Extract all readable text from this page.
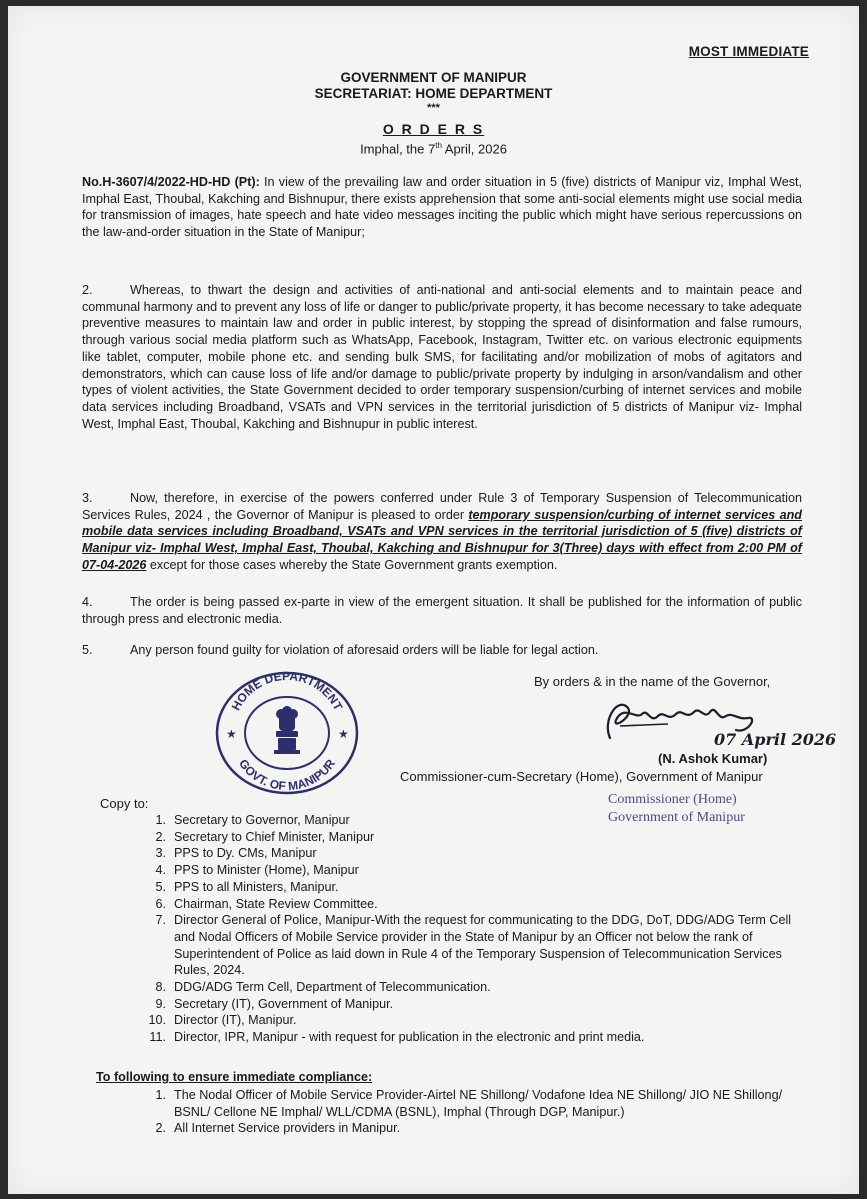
MOST IMMEDIATE
GOVERNMENT OF MANIPUR
SECRETARIAT: HOME DEPARTMENT
***
O R D E R S
Imphal, the 7th April, 2026
No.H-3607/4/2022-HD-HD (Pt): In view of the prevailing law and order situation in 5 (five) districts of Manipur viz, Imphal West, Imphal East, Thoubal, Kakching and Bishnupur, there exists apprehension that some anti-social elements might use social media for transmission of images, hate speech and hate video messages inciting the public which might have serious repercussions on the law-and-order situation in the State of Manipur;
2.	Whereas, to thwart the design and activities of anti-national and anti-social elements and to maintain peace and communal harmony and to prevent any loss of life or danger to public/private property, it has become necessary to take adequate preventive measures to maintain law and order in public interest, by stopping the spread of disinformation and false rumours, through various social media platform such as WhatsApp, Facebook, Instagram, Twitter etc. on various electronic equipments like tablet, computer, mobile phone etc. and sending bulk SMS, for facilitating and/or mobilization of mobs of agitators and demonstrators, which can cause loss of life and/or damage to public/private property by indulging in arson/vandalism and other types of violent activities, the State Government decided to order temporary suspension/curbing of internet services and mobile data services including Broadband, VSATs and VPN services in the territorial jurisdiction of 5 districts of Manipur viz- Imphal West, Imphal East, Thoubal, Kakching and Bishnupur in public interest.
3.	Now, therefore, in exercise of the powers conferred under Rule 3 of Temporary Suspension of Telecommunication Services Rules, 2024 , the Governor of Manipur is pleased to order temporary suspension/curbing of internet services and mobile data services including Broadband, VSATs and VPN services in the territorial jurisdiction of 5 (five) districts of Manipur viz- Imphal West, Imphal East, Thoubal, Kakching and Bishnupur for 3(Three) days with effect from 2:00 PM of 07-04-2026 except for those cases whereby the State Government grants exemption.
4.	The order is being passed ex-parte in view of the emergent situation. It shall be published for the information of public through press and electronic media.
5.	Any person found guilty for violation of aforesaid orders will be liable for legal action.
By orders & in the name of the Governor,
HOME DEPARTMENT
GOVT. OF MANIPUR
★	★	07 April 2026
(N. Ashok Kumar)
Commissioner-cum-Secretary (Home), Government of Manipur
Commissioner (Home)
Government of Manipur
Copy to:
1. Secretary to Governor, Manipur
2. Secretary to Chief Minister, Manipur
3. PPS to Dy. CMs, Manipur
4. PPS to Minister (Home), Manipur
5. PPS to all Ministers, Manipur.
6. Chairman, State Review Committee.
7. Director General of Police, Manipur-With the request for communicating to the DDG, DoT, DDG/ADG Term Cell and Nodal Officers of Mobile Service provider in the State of Manipur by an Officer not below the rank of Superintendent of Police as laid down in Rule 4 of the Temporary Suspension of Telecommunication Services Rules, 2024.
8. DDG/ADG Term Cell, Department of Telecommunication.
9. Secretary (IT), Government of Manipur.
10. Director (IT), Manipur.
11. Director, IPR, Manipur - with request for publication in the electronic and print media.
To following to ensure immediate compliance:
1. The Nodal Officer of Mobile Service Provider-Airtel NE Shillong/ Vodafone Idea NE Shillong/ JIO NE Shillong/ BSNL/ Cellone NE Imphal/ WLL/CDMA (BSNL), Imphal (Through DGP, Manipur.)
2. All Internet Service providers in Manipur.
